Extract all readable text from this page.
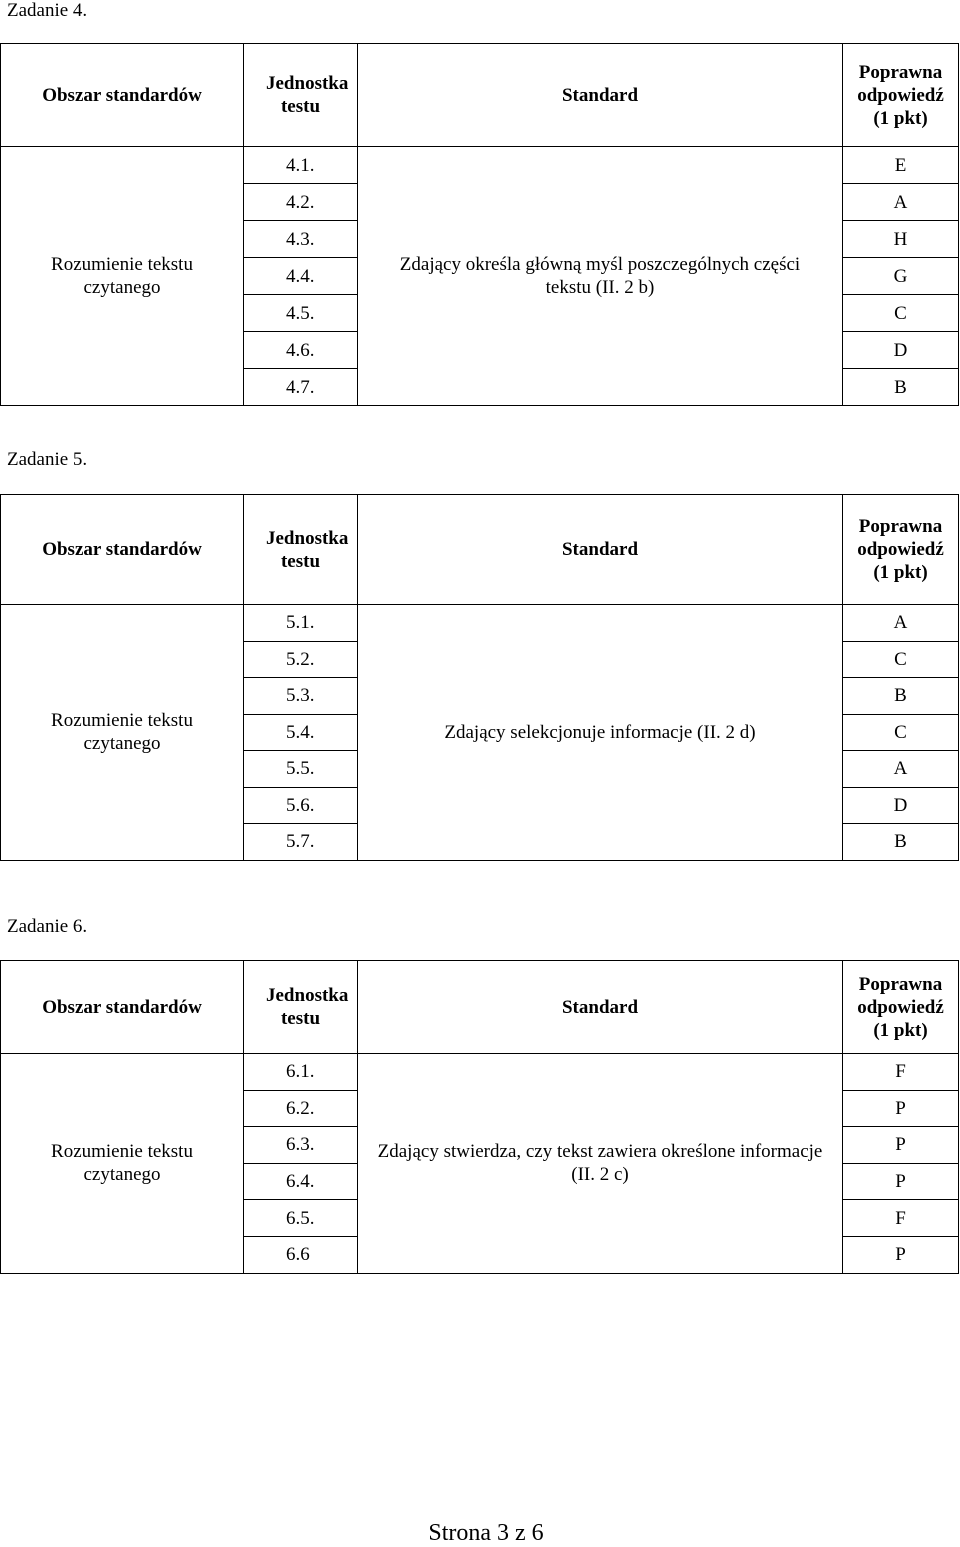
Zadanie 4.
Obszar standardów	Jednostka testu	Standard	Poprawna odpowiedź (1 pkt)
Rozumienie tekstu czytanego	4.1.	Zdający określa główną myśl poszczególnych części tekstu (II. 2 b)	E
	4.2.		A
	4.3.		H
	4.4.		G
	4.5.		C
	4.6.		D
	4.7.		B
Zadanie 5.
Obszar standardów	Jednostka testu	Standard	Poprawna odpowiedź (1 pkt)
Rozumienie tekstu czytanego	5.1.	Zdający selekcjonuje informacje (II. 2 d)	A
	5.2.		C
	5.3.		B
	5.4.		C
	5.5.		A
	5.6.		D
	5.7.		B
Zadanie 6.
Obszar standardów	Jednostka testu	Standard	Poprawna odpowiedź (1 pkt)
Rozumienie tekstu czytanego	6.1.	Zdający stwierdza, czy tekst zawiera określone informacje (II. 2 c)	F
	6.2.		P
	6.3.		P
	6.4.		P
	6.5.		F
	6.6		P
Strona 3 z 6
